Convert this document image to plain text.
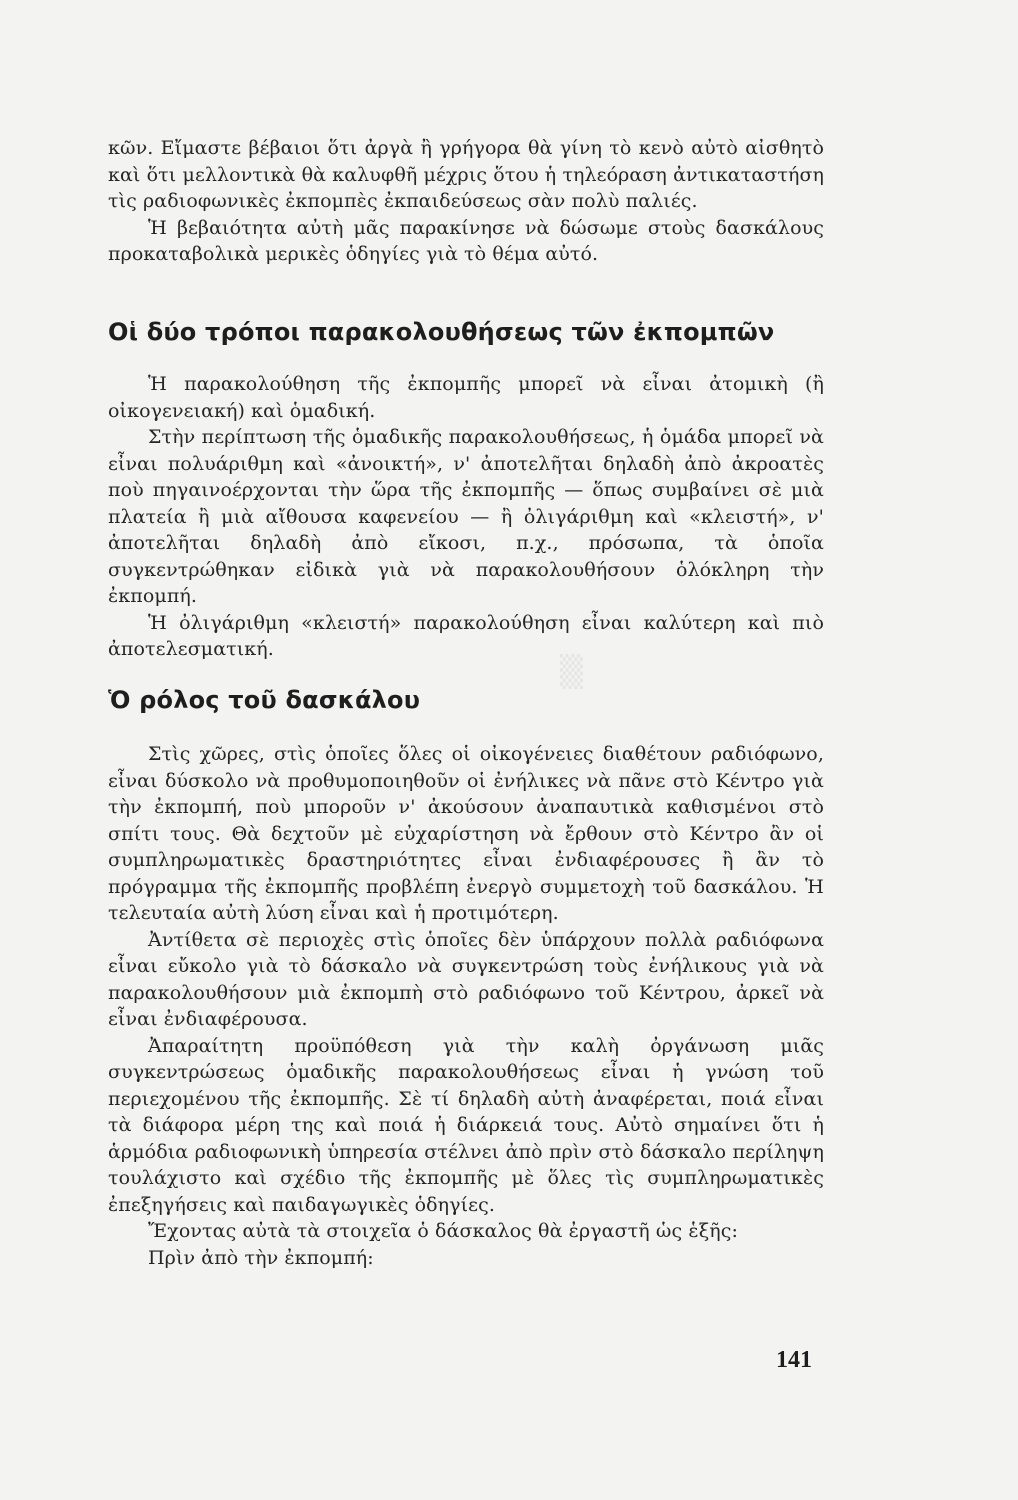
▒

κῶν. Εἴμαστε βέβαιοι ὅτι ἀργὰ ἢ γρήγορα θὰ γίνη τὸ κενὸ αὐτὸ αἰσθητὸ καὶ ὅτι μελλοντικὰ θὰ καλυφθῆ μέχρις ὅτου ἡ τηλεόραση ἀντικαταστήση τὶς ραδιοφωνικὲς ἐκπομπὲς ἐκπαιδεύσεως σὰν πολὺ παλιές.

Ἡ βεβαιότητα αὐτὴ μᾶς παρακίνησε νὰ δώσωμε στοὺς δασκάλους προκαταβολικὰ μερικὲς ὁδηγίες γιὰ τὸ θέμα αὐτό.

Οἱ δύο τρόποι παρακολουθήσεως τῶν ἐκπομπῶν

Ἡ παρακολούθηση τῆς ἐκπομπῆς μπορεῖ νὰ εἶναι ἀτομικὴ (ἢ οἰκογενειακή) καὶ ὁμαδική.

Στὴν περίπτωση τῆς ὁμαδικῆς παρακολουθήσεως, ἡ ὁμάδα μπορεῖ νὰ εἶναι πολυάριθμη καὶ «ἀνοικτή», ν' ἀποτελῆται δηλαδὴ ἀπὸ ἀκροατὲς ποὺ πηγαινοέρχονται τὴν ὥρα τῆς ἐκπομπῆς — ὅπως συμβαίνει σὲ μιὰ πλατεία ἢ μιὰ αἴθουσα καφενείου — ἢ ὀλιγάριθμη καὶ «κλειστή», ν' ἀποτελῆται δηλαδὴ ἀπὸ εἴκοσι, π.χ., πρόσωπα, τὰ ὁποῖα συγκεντρώθηκαν εἰδικὰ γιὰ νὰ παρακολουθήσουν ὁλόκληρη τὴν ἐκπομπή.

Ἡ ὀλιγάριθμη «κλειστή» παρακολούθηση εἶναι καλύτερη καὶ πιὸ ἀποτελεσματική.

Ὁ ρόλος τοῦ δασκάλου

Στὶς χῶρες, στὶς ὁποῖες ὅλες οἱ οἰκογένειες διαθέτουν ραδιόφωνο, εἶναι δύσκολο νὰ προθυμοποιηθοῦν οἱ ἐνήλικες νὰ πᾶνε στὸ Κέντρο γιὰ τὴν ἐκπομπή, ποὺ μποροῦν ν' ἀκούσουν ἀναπαυτικὰ καθισμένοι στὸ σπίτι τους. Θὰ δεχτοῦν μὲ εὐχαρίστηση νὰ ἔρθουν στὸ Κέντρο ἂν οἱ συμπληρωματικὲς δραστηριότητες εἶναι ἐνδιαφέρουσες ἢ ἂν τὸ πρόγραμμα τῆς ἐκπομπῆς προβλέπη ἐνεργὸ συμμετοχὴ τοῦ δασκάλου. Ἡ τελευταία αὐτὴ λύση εἶναι καὶ ἡ προτιμότερη.

Ἀντίθετα σὲ περιοχὲς στὶς ὁποῖες δὲν ὑπάρχουν πολλὰ ραδιόφωνα εἶναι εὔκολο γιὰ τὸ δάσκαλο νὰ συγκεντρώση τοὺς ἐνήλικους γιὰ νὰ παρακολουθήσουν μιὰ ἐκπομπὴ στὸ ραδιόφωνο τοῦ Κέντρου, ἀρκεῖ νὰ εἶναι ἐνδιαφέρουσα.

Ἀπαραίτητη προϋπόθεση γιὰ τὴν καλὴ ὀργάνωση μιᾶς συγκεντρώσεως ὁμαδικῆς παρακολουθήσεως εἶναι ἡ γνώση τοῦ περιεχομένου τῆς ἐκπομπῆς. Σὲ τί δηλαδὴ αὐτὴ ἀναφέρεται, ποιά εἶναι τὰ διάφορα μέρη της καὶ ποιά ἡ διάρκειά τους. Αὐτὸ σημαίνει ὅτι ἡ ἁρμόδια ραδιοφωνικὴ ὑπηρεσία στέλνει ἀπὸ πρὶν στὸ δάσκαλο περίληψη τουλάχιστο καὶ σχέδιο τῆς ἐκπομπῆς μὲ ὅλες τὶς συμπληρωματικὲς ἐπεξηγήσεις καὶ παιδαγωγικὲς ὁδηγίες.

Ἔχοντας αὐτὰ τὰ στοιχεῖα ὁ δάσκαλος θὰ ἐργαστῆ ὡς ἑξῆς:

Πρὶν ἀπὸ τὴν ἐκπομπή:

141
